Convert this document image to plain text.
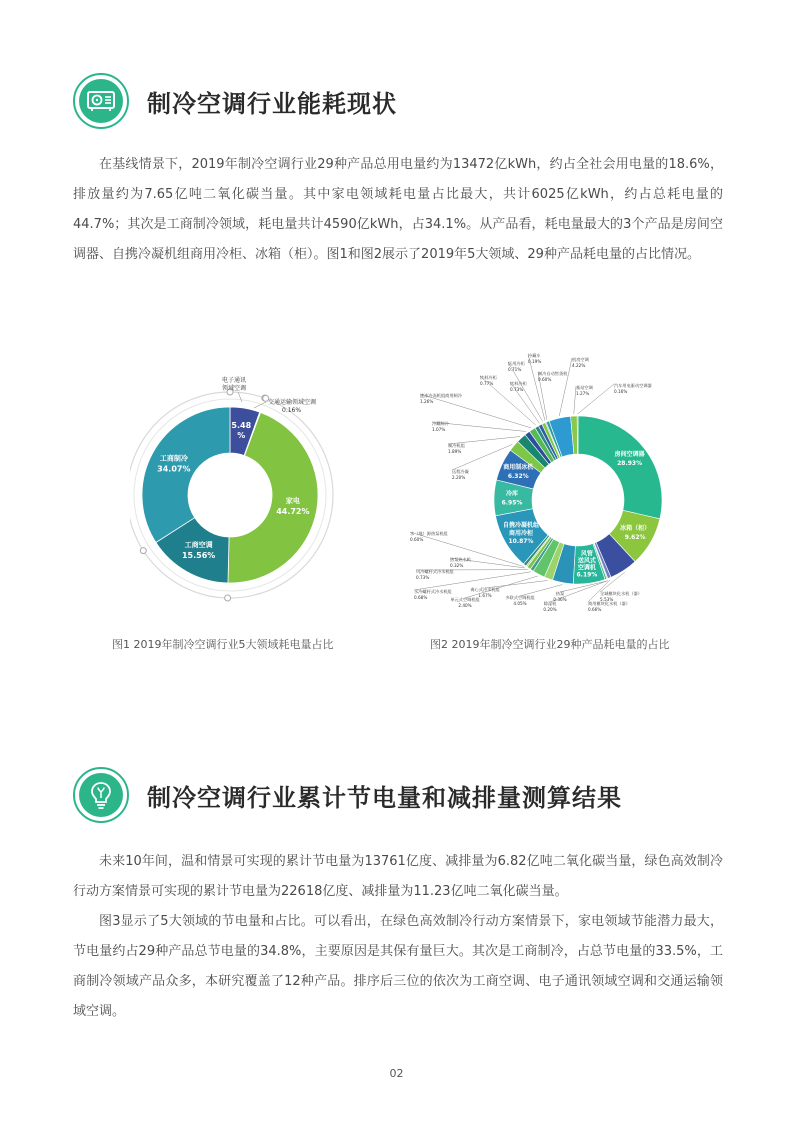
制冷空调行业能耗现状

在基线情景下，2019年制冷空调行业29种产品总用电量约为13472亿kWh，约占全社会用电量的18.6%，排放量约为7.65亿吨二氧化碳当量。其中家电领域耗电量占比最大，共计6025亿kWh，约占总耗电量的44.7%；其次是工商制冷领域，耗电量共计4590亿kWh，占34.1%。从产品看，耗电量最大的3个产品是房间空调器、自携冷凝机组商用冷柜、冰箱（柜）。图1和图2展示了2019年5大领域、29种产品耗电量的占比情况。

5.48
%
家电
44.72%
工商空调
15.56%
工商制冷
34.07%
电子通讯
领域空调
交通运输领域空调
0.16%
图1 2019年制冷空调行业5大领域耗电量占比
全域模块化水机（器）
5.53%
商用模块化水机（器）
0.66%
除湿机
0.20%
热泵
0.36%
多联式空调机组
4.05%
离心式冷水机组
1.67%
单元式空调机组
2.40%
水冷螺杆式冷水机组
0.68%
风冷螺杆式冷水机组
0.73%
热泵热水机
0.32%
水（地）源热泵机组
0.60%
远程冷凝
2.20%
制冷机组
1.89%
冷藏制冷
1.07%
速冻冷冻机组商用制冷
1.26%
饮料冷柜
0.77%	饮料冷柜
0.73%
医用冷柜
0.71%
冷藏车
0.19%
制冷自动售货机
0.60%
机房空调
4.22%
基站空调
1.27%
汽车用电驱动空调器
0.16%
房间空调器
28.93%
冰箱（柜）
9.62%
风管
送风式
空调机
6.19%
自携冷凝机组
商用冷柜
10.87%
冷库
6.95%
商用制冰机
6.32%
图2 2019年制冷空调行业29种产品耗电量的占比
制冷空调行业累计节电量和减排量测算结果

未来10年间，温和情景可实现的累计节电量为13761亿度、减排量为6.82亿吨二氧化碳当量，绿色高效制冷行动方案情景可实现的累计节电量为22618亿度、减排量为11.23亿吨二氧化碳当量。

图3显示了5大领域的节电量和占比。可以看出，在绿色高效制冷行动方案情景下，家电领域节能潜力最大，节电量约占29种产品总节电量的34.8%，主要原因是其保有量巨大。其次是工商制冷，占总节电量的33.5%，工商制冷领域产品众多，本研究覆盖了12种产品。排序后三位的依次为工商空调、电子通讯领域空调和交通运输领域空调。

02
